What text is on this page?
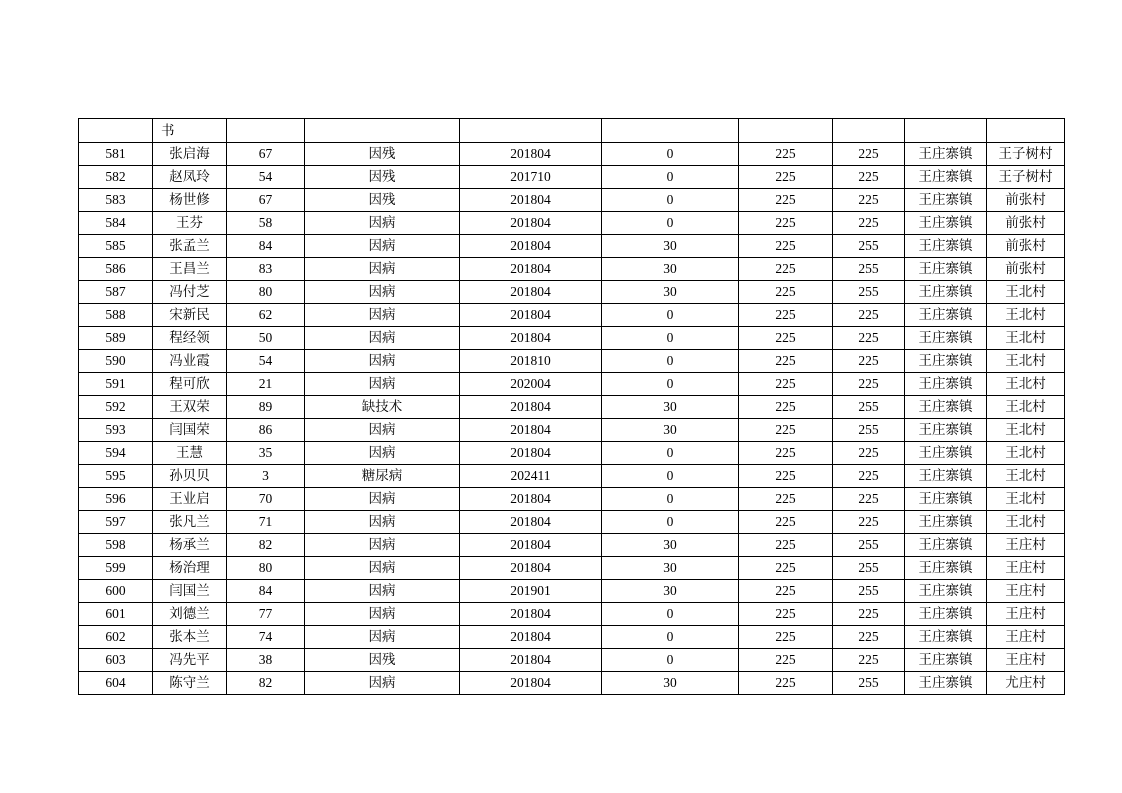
	书								
581	张启海	67	因残	201804	0	225	225	王庄寨镇	王子树村
582	赵凤玲	54	因残	201710	0	225	225	王庄寨镇	王子树村
583	杨世修	67	因残	201804	0	225	225	王庄寨镇	前张村
584	王芬	58	因病	201804	0	225	225	王庄寨镇	前张村
585	张孟兰	84	因病	201804	30	225	255	王庄寨镇	前张村
586	王昌兰	83	因病	201804	30	225	255	王庄寨镇	前张村
587	冯付芝	80	因病	201804	30	225	255	王庄寨镇	王北村
588	宋新民	62	因病	201804	0	225	225	王庄寨镇	王北村
589	程经领	50	因病	201804	0	225	225	王庄寨镇	王北村
590	冯业霞	54	因病	201810	0	225	225	王庄寨镇	王北村
591	程可欣	21	因病	202004	0	225	225	王庄寨镇	王北村
592	王双荣	89	缺技术	201804	30	225	255	王庄寨镇	王北村
593	闫国荣	86	因病	201804	30	225	255	王庄寨镇	王北村
594	王慧	35	因病	201804	0	225	225	王庄寨镇	王北村
595	孙贝贝	3	糖尿病	202411	0	225	225	王庄寨镇	王北村
596	王业启	70	因病	201804	0	225	225	王庄寨镇	王北村
597	张凡兰	71	因病	201804	0	225	225	王庄寨镇	王北村
598	杨承兰	82	因病	201804	30	225	255	王庄寨镇	王庄村
599	杨治理	80	因病	201804	30	225	255	王庄寨镇	王庄村
600	闫国兰	84	因病	201901	30	225	255	王庄寨镇	王庄村
601	刘德兰	77	因病	201804	0	225	225	王庄寨镇	王庄村
602	张本兰	74	因病	201804	0	225	225	王庄寨镇	王庄村
603	冯先平	38	因残	201804	0	225	225	王庄寨镇	王庄村
604	陈守兰	82	因病	201804	30	225	255	王庄寨镇	尤庄村
